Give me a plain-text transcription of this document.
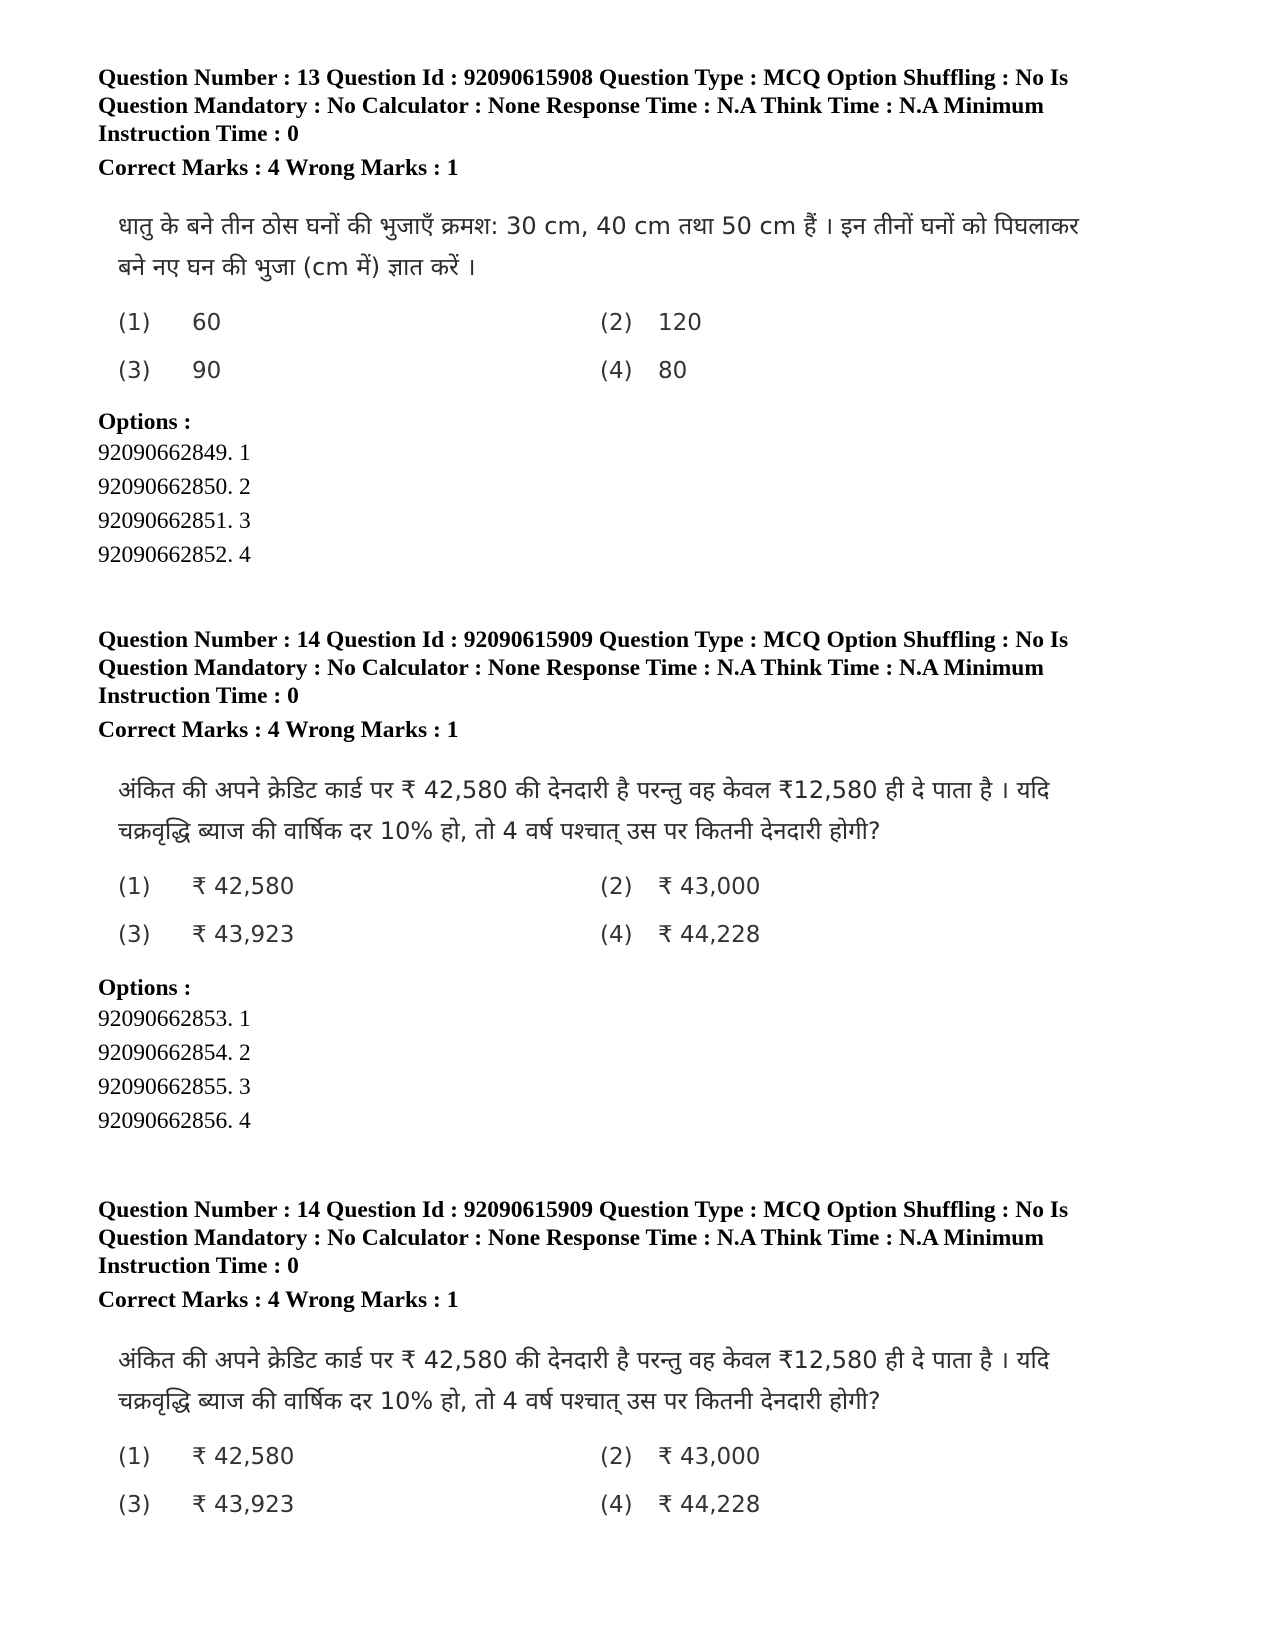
Question Number : 13 Question Id : 92090615908 Question Type : MCQ Option Shuffling : No Is

Question Mandatory : No Calculator : None Response Time : N.A Think Time : N.A Minimum

Instruction Time : 0

Correct Marks : 4 Wrong Marks : 1

धातु के बने तीन ठोस घनों की भुजाएँ क्रमश: 30 cm, 40 cm तथा 50 cm हैं । इन तीनों घनों को पिघलाकर

बने नए घन की भुजा (cm में) ज्ञात करें ।

(1) 60	(2) 120
(3) 90	(4) 80
Options :

92090662849. 1

92090662850. 2

92090662851. 3

92090662852. 4

Question Number : 14 Question Id : 92090615909 Question Type : MCQ Option Shuffling : No Is

Question Mandatory : No Calculator : None Response Time : N.A Think Time : N.A Minimum

Instruction Time : 0

Correct Marks : 4 Wrong Marks : 1

अंकित की अपने क्रेडिट कार्ड पर ₹ 42,580 की देनदारी है परन्तु वह केवल ₹12,580 ही दे पाता है । यदि

चक्रवृद्धि ब्याज की वार्षिक दर 10% हो, तो 4 वर्ष पश्चात् उस पर कितनी देनदारी होगी?

(1) ₹ 42,580	(2) ₹ 43,000
(3) ₹ 43,923	(4) ₹ 44,228
Options :

92090662853. 1

92090662854. 2

92090662855. 3

92090662856. 4

Question Number : 14 Question Id : 92090615909 Question Type : MCQ Option Shuffling : No Is

Question Mandatory : No Calculator : None Response Time : N.A Think Time : N.A Minimum

Instruction Time : 0

Correct Marks : 4 Wrong Marks : 1

अंकित की अपने क्रेडिट कार्ड पर ₹ 42,580 की देनदारी है परन्तु वह केवल ₹12,580 ही दे पाता है । यदि

चक्रवृद्धि ब्याज की वार्षिक दर 10% हो, तो 4 वर्ष पश्चात् उस पर कितनी देनदारी होगी?

(1) ₹ 42,580	(2) ₹ 43,000
(3) ₹ 43,923	(4) ₹ 44,228
